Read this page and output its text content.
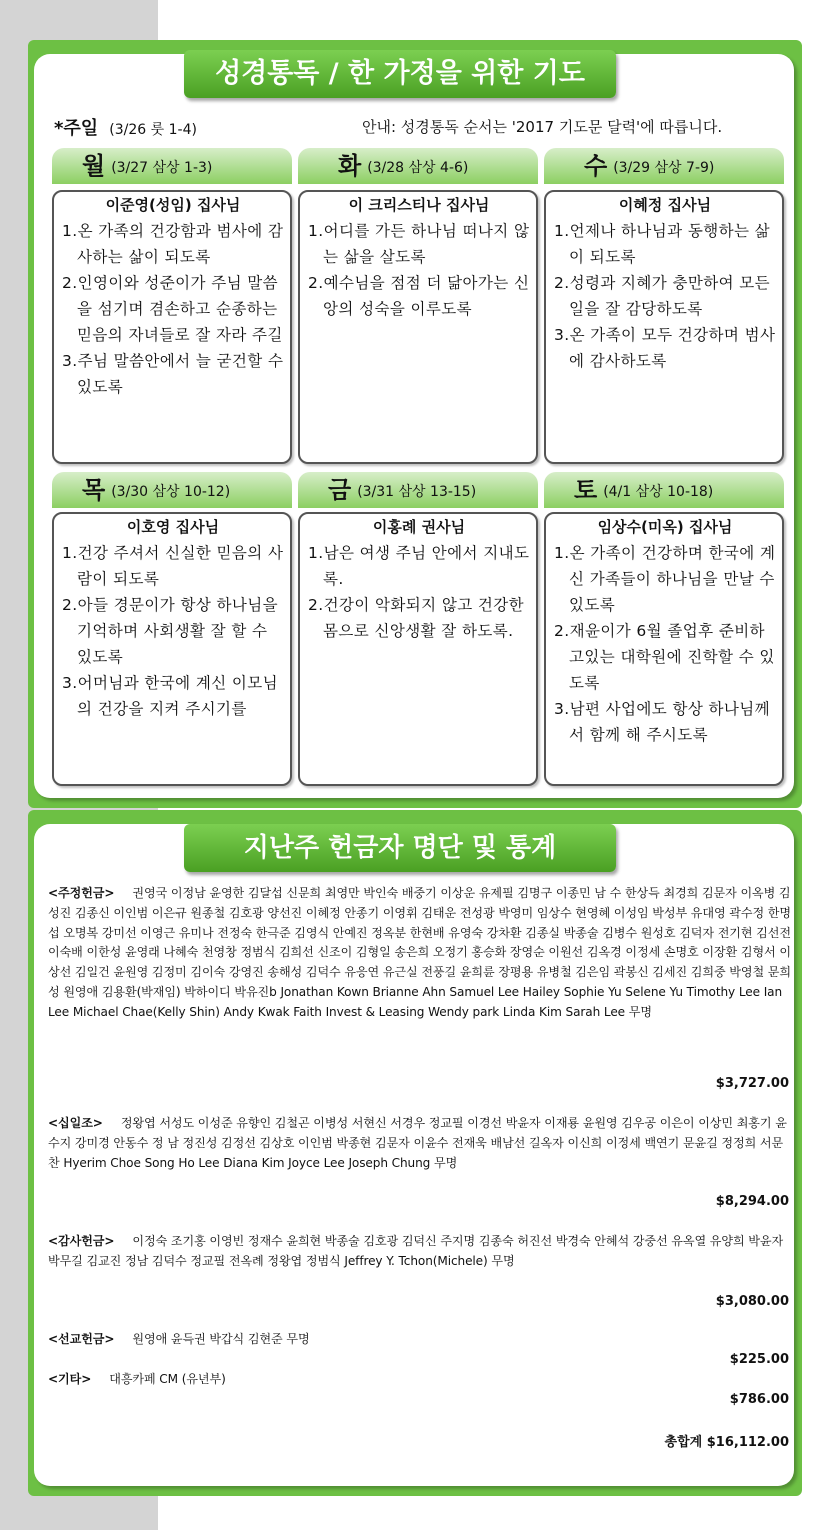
성경통독 / 한 가정을 위한 기도
*주일 (3/26 룻 1-4)	안내: 성경통독 순서는 '2017 기도문 달력'에 따릅니다.
월 (3/27 삼상 1-3)	화 (3/28 삼상 4-6)	수 (3/29 삼상 7-9)
이준영(성임) 집사님
1.온 가족의 건강함과 범사에 감사하는 삶이 되도록
2.인영이와 성준이가 주님 말씀을 섬기며 겸손하고 순종하는 믿음의 자녀들로 잘 자라 주길
3.주님 말씀안에서 늘 굳건할 수 있도록
이 크리스티나 집사님
1.어디를 가든 하나님 떠나지 않는 삶을 살도록
2.예수님을 점점 더 닮아가는 신앙의 성숙을 이루도록
이혜정 집사님
1.언제나 하나님과 동행하는 삶이 되도록
2.성령과 지혜가 충만하여 모든 일을 잘 감당하도록
3.온 가족이 모두 건강하며 범사에 감사하도록
목 (3/30 삼상 10-12)	금 (3/31 삼상 13-15)	토 (4/1 삼상 10-18)
이호영 집사님
1.건강 주셔서 신실한 믿음의 사람이 되도록
2.아들 경문이가 항상 하나님을 기억하며 사회생활 잘 할 수 있도록
3.어머님과 한국에 계신 이모님의 건강을 지켜 주시기를
이홍례 권사님
1.남은 여생 주님 안에서 지내도록.
2.건강이 악화되지 않고 건강한 몸으로 신앙생활 잘 하도록.
임상수(미옥) 집사님
1.온 가족이 건강하며 한국에 계신 가족들이 하나님을 만날 수 있도록
2.재윤이가 6월 졸업후 준비하고있는 대학원에 진학할 수 있도록
3.남편 사업에도 항상 하나님께서 함께 해 주시도록
지난주 헌금자 명단 및 통계
<주정헌금> 권영국 이정남 윤영한 김달섭 신문희 최영만 박인숙 배중기 이상운 유제필 김명구 이종민 남 수 한상득 최경희 김문자 이옥병 김성진 김종신 이인범 이은규 원종철 김호광 양선진 이혜정 안종기 이영휘 김태운 전성광 박영미 임상수 현영혜 이성임 박성부 유대영 곽수정 한명섭 오명복 강미선 이영근 유미나 전정숙 한극준 김영식 안예진 정옥분 한현배 유영숙 강차환 김종실 박종술 김병수 원성호 김덕자 전기현 김선전 이숙배 이한성 윤영래 나혜숙 천영창 정범식 김희선 신조이 김형일 송은희 오정기 홍승화 장영순 이원선 김옥경 이정세 손명호 이장환 김형서 이상선 김일건 윤원영 김정미 김이숙 강영진 송해성 김덕수 유응연 유근실 전풍길 윤희륜 장평용 유병철 김은임 곽봉신 김세진 김희중 박영철 문희성 원영애 김용환(박재임) 박하이디 박유진b Jonathan Kown Brianne Ahn Samuel Lee Hailey Sophie Yu Selene Yu Timothy Lee Ian Lee Michael Chae(Kelly Shin) Andy Kwak Faith Invest & Leasing Wendy park Linda Kim Sarah Lee 무명
$3,727.00
<십일조> 정왕엽 서성도 이성준 유향인 김철곤 이병성 서현신 서경우 정교필 이경선 박윤자 이재룡 윤원영 김우공 이은이 이상민 최홍기 윤수지 강미경 안동수 정 남 정진성 김정선 김상호 이인범 박종현 김문자 이윤수 전재욱 배남선 길옥자 이신희 이정세 백연기 문윤길 정정희 서문찬 Hyerim Choe Song Ho Lee Diana Kim Joyce Lee Joseph Chung 무명
$8,294.00
<감사헌금> 이정숙 조기홍 이영빈 정재수 윤희현 박종술 김호광 김덕신 주지명 김종숙 허진선 박경숙 안혜석 강중선 유옥열 유양희 박윤자 박무길 김교진 정남 김덕수 정교필 전옥례 정왕엽 정범식 Jeffrey Y. Tchon(Michele) 무명
$3,080.00
<선교헌금> 원영애 윤득권 박갑식 김현준 무명
$225.00
<기타> 대흥카페 CM (유년부)
$786.00
총합계 $16,112.00
